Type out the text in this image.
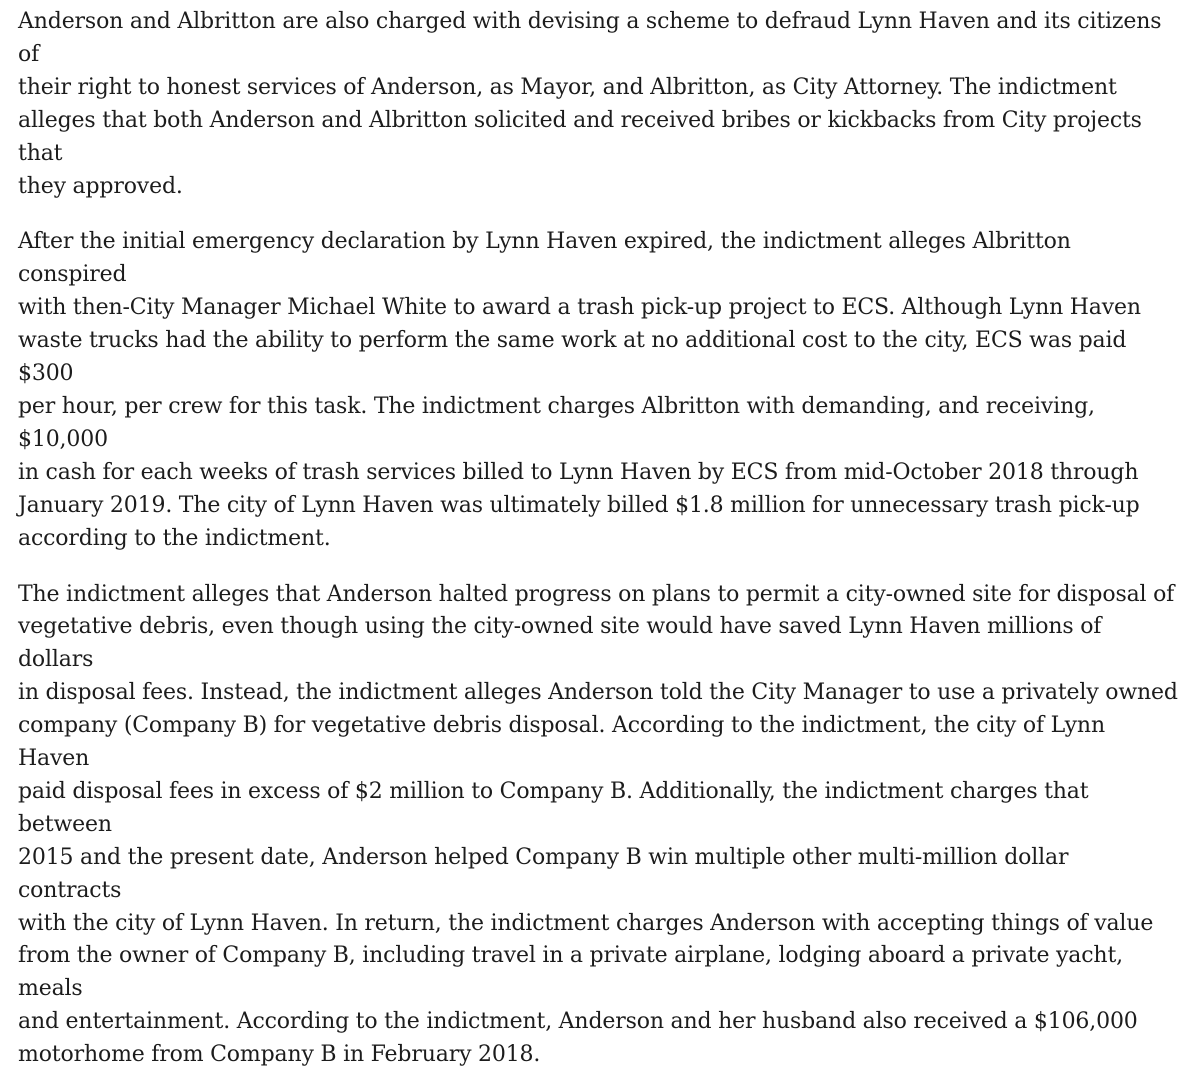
Anderson and Albritton are also charged with devising a scheme to defraud Lynn Haven and its citizens of
their right to honest services of Anderson, as Mayor, and Albritton, as City Attorney. The indictment
alleges that both Anderson and Albritton solicited and received bribes or kickbacks from City projects that
they approved.

After the initial emergency declaration by Lynn Haven expired, the indictment alleges Albritton conspired
with then-City Manager Michael White to award a trash pick-up project to ECS. Although Lynn Haven
waste trucks had the ability to perform the same work at no additional cost to the city, ECS was paid $300
per hour, per crew for this task. The indictment charges Albritton with demanding, and receiving, $10,000
in cash for each weeks of trash services billed to Lynn Haven by ECS from mid-October 2018 through
January 2019. The city of Lynn Haven was ultimately billed $1.8 million for unnecessary trash pick-up
according to the indictment.

The indictment alleges that Anderson halted progress on plans to permit a city-owned site for disposal of
vegetative debris, even though using the city-owned site would have saved Lynn Haven millions of dollars
in disposal fees. Instead, the indictment alleges Anderson told the City Manager to use a privately owned
company (Company B) for vegetative debris disposal. According to the indictment, the city of Lynn Haven
paid disposal fees in excess of $2 million to Company B. Additionally, the indictment charges that between
2015 and the present date, Anderson helped Company B win multiple other multi-million dollar contracts
with the city of Lynn Haven. In return, the indictment charges Anderson with accepting things of value
from the owner of Company B, including travel in a private airplane, lodging aboard a private yacht, meals
and entertainment. According to the indictment, Anderson and her husband also received a $106,000
motorhome from Company B in February 2018.
